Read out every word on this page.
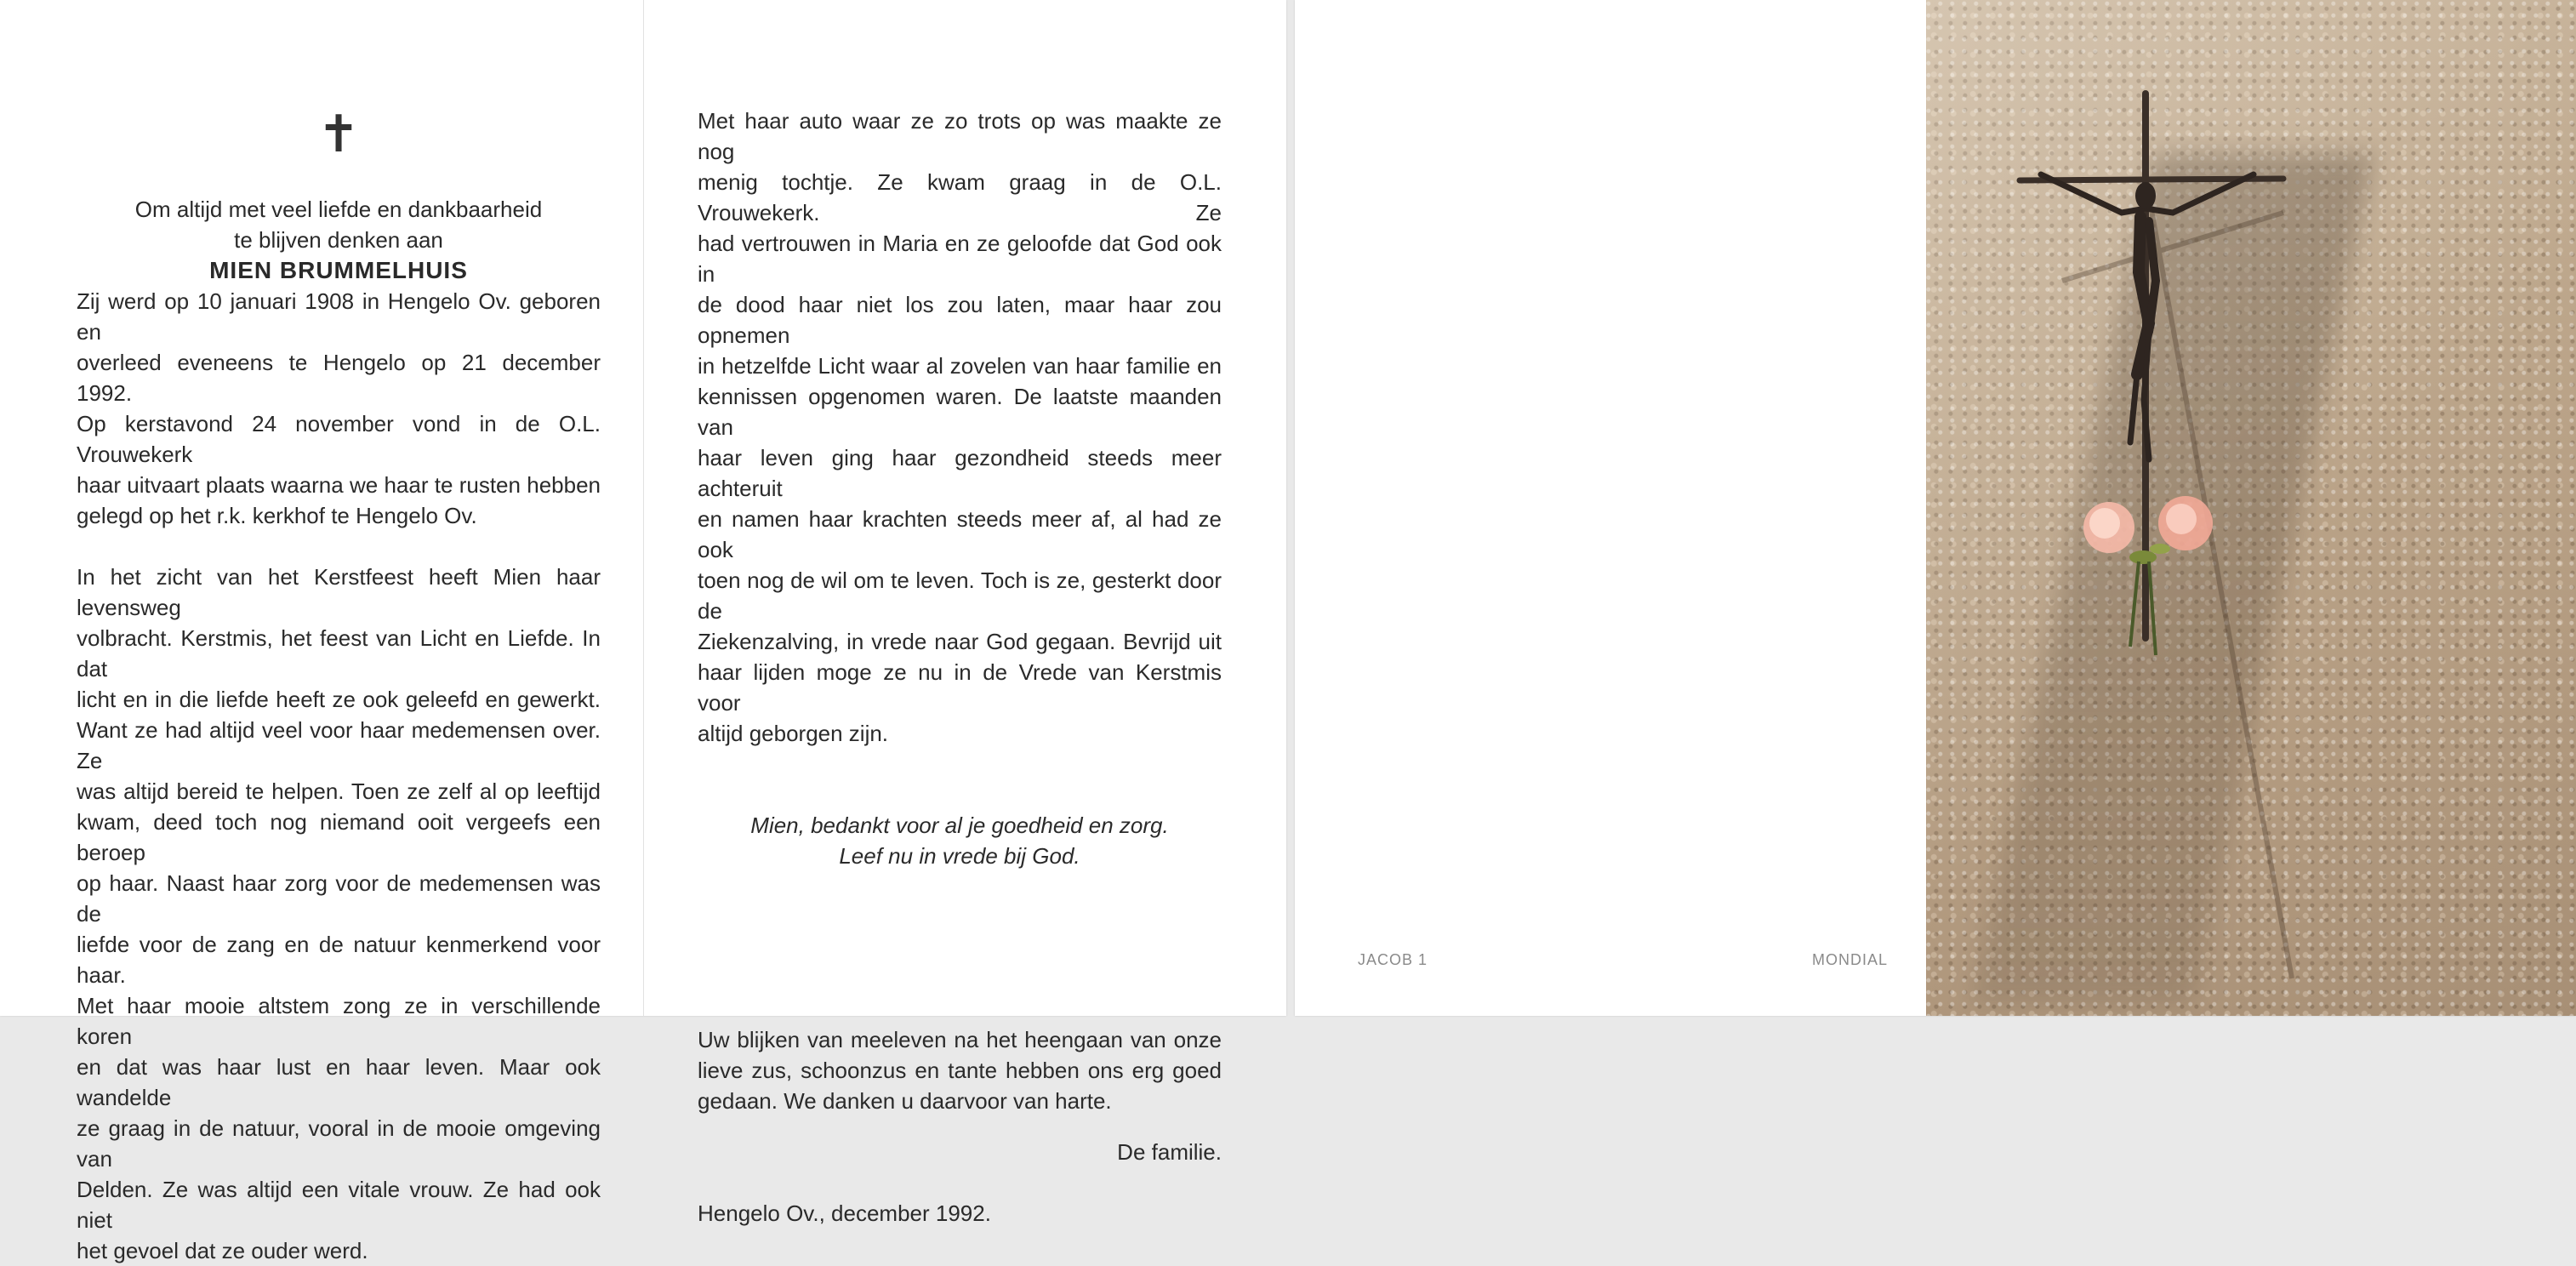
✝

Om altijd met veel liefde en dankbaarheid

te blijven denken aan

MIEN BRUMMELHUIS

Zij werd op 10 januari 1908 in Hengelo Ov. geboren en

overleed eveneens te Hengelo op 21 december 1992.

Op kerstavond 24 november vond in de O.L. Vrouwekerk

haar uitvaart plaats waarna we haar te rusten hebben

gelegd op het r.k. kerkhof te Hengelo Ov.

In het zicht van het Kerstfeest heeft Mien haar levensweg

volbracht. Kerstmis, het feest van Licht en Liefde. In dat

licht en in die liefde heeft ze ook geleefd en gewerkt.

Want ze had altijd veel voor haar medemensen over. Ze

was altijd bereid te helpen. Toen ze zelf al op leeftijd

kwam, deed toch nog niemand ooit vergeefs een beroep

op haar. Naast haar zorg voor de medemensen was de

liefde voor de zang en de natuur kenmerkend voor haar.

Met haar mooie altstem zong ze in verschillende koren

en dat was haar lust en haar leven. Maar ook wandelde

ze graag in de natuur, vooral in de mooie omgeving van

Delden. Ze was altijd een vitale vrouw. Ze had ook niet

het gevoel dat ze ouder werd.

Met haar auto waar ze zo trots op was maakte ze nog

menig tochtje. Ze kwam graag in de O.L. Vrouwekerk. Ze

had vertrouwen in Maria en ze geloofde dat God ook in

de dood haar niet los zou laten, maar haar zou opnemen

in hetzelfde Licht waar al zovelen van haar familie en

kennissen opgenomen waren. De laatste maanden van

haar leven ging haar gezondheid steeds meer achteruit

en namen haar krachten steeds meer af, al had ze ook

toen nog de wil om te leven. Toch is ze, gesterkt door de

Ziekenzalving, in vrede naar God gegaan. Bevrijd uit

haar lijden moge ze nu in de Vrede van Kerstmis voor

altijd geborgen zijn.

Mien, bedankt voor al je goedheid en zorg.

Leef nu in vrede bij God.

Uw blijken van meeleven na het heengaan van onze

lieve zus, schoonzus en tante hebben ons erg goed

gedaan. We danken u daarvoor van harte.

De familie.

Hengelo Ov., december 1992.

JACOB 1	MONDIAL
